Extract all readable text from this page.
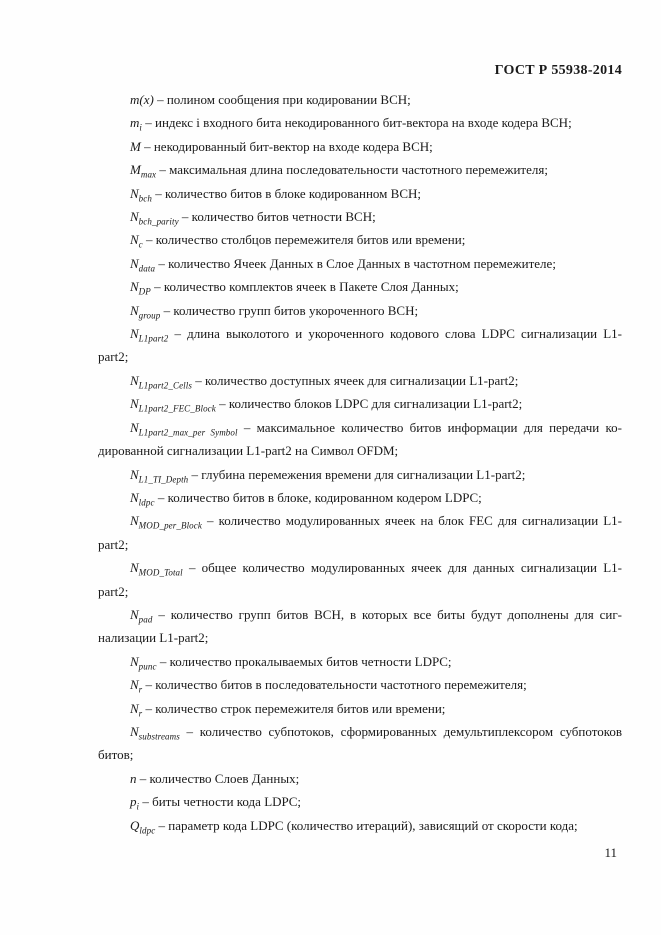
ГОСТ Р 55938-2014

m(x) – полином сообщения при кодировании BCH;

$m_i$ – индекс i входного бита некодированного бит-вектора на входе кодера BCH;

M – некодированный бит-вектор на входе кодера BCH;

$M_{max}$ – максимальная длина последовательности частотного перемежителя;

$N_{bch}$ – количество битов в блоке кодированном BCH;

$N_{bch\_parity}$ – количество битов четности BCH;

$N_c$ – количество столбцов перемежителя битов или времени;

$N_{data}$ – количество Ячеек Данных в Слое Данных в частотном перемежителе;

$N_{DP}$ – количество комплектов ячеек в Пакете Слоя Данных;

$N_{group}$ – количество групп битов укороченного BCH;

$N_{L1part2}$ – длина выколотого и укороченного кодового слова LDPC сигнализации L1-part2;

$N_{L1part2\_Cells}$ – количество доступных ячеек для сигнализации L1-part2;

$N_{L1part2\_FEC\_Block}$ – количество блоков LDPC для сигнализации L1-part2;

$N_{L1part2\_max\_per Symbol}$ – максимальное количество битов информации для передачи кодированной сигнализации L1-part2 на Символ OFDM;

$N_{L1\_TI\_Depth}$ – глубина перемежения времени для сигнализации L1-part2;

$N_{ldpc}$ – количество битов в блоке, кодированном кодером LDPC;

$N_{MOD\_per\_Block}$ – количество модулированных ячеек на блок FEC для сигнализации L1-part2;

$N_{MOD\_Total}$ – общее количество модулированных ячеек для данных сигнализации L1-part2;

$N_{pad}$ – количество групп битов BCH, в которых все биты будут дополнены для сигнализации L1-part2;

$N_{punc}$ – количество прокалываемых битов четности LDPC;

$N_r$ – количество битов в последовательности частотного перемежителя;

$N_r$ – количество строк перемежителя битов или времени;

$N_{substreams}$ – количество субпотоков, сформированных демультиплексором субпотоков битов;

n – количество Слоев Данных;

$p_i$ – биты четности кода LDPC;

$Q_{ldpc}$ – параметр кода LDPC (количество итераций), зависящий от скорости кода;

11
